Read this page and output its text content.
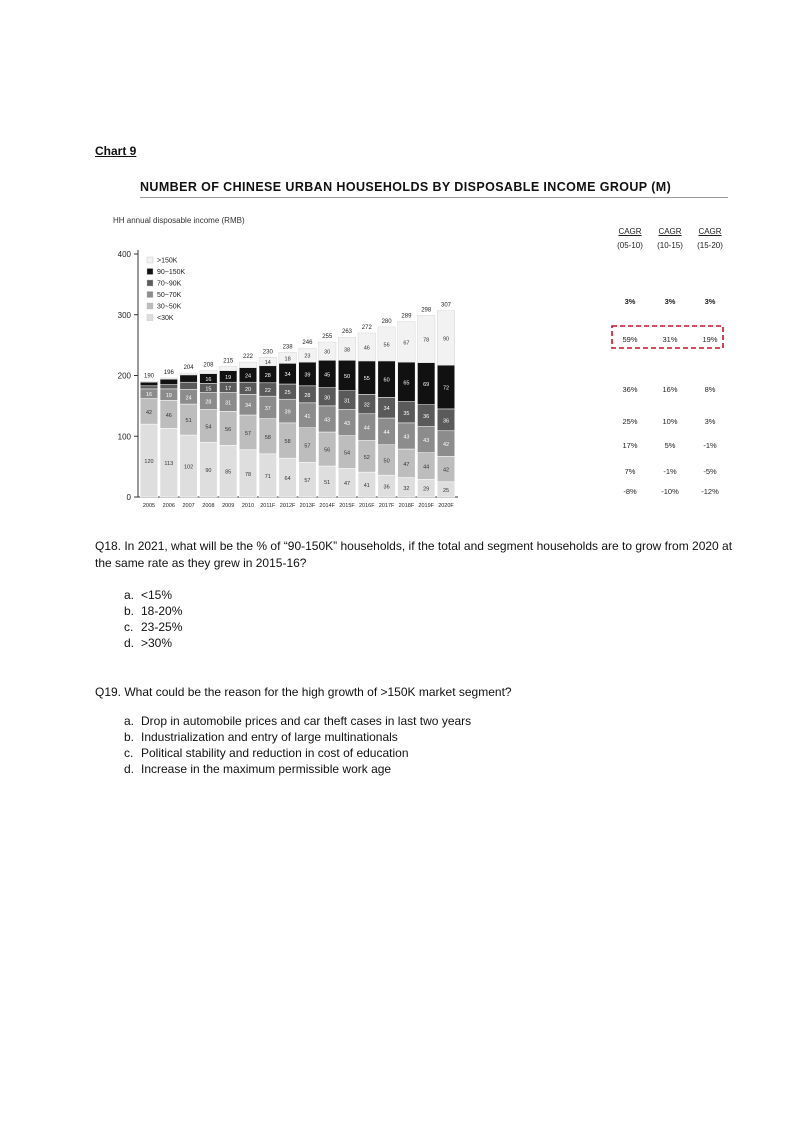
Chart 9
NUMBER OF CHINESE URBAN HOUSEHOLDS BY DISPOSABLE INCOME GROUP (M)
HH annual disposable income (RMB)
CAGR
(05-10)
CAGR
(10-15)
CAGR
(15-20)
0
100
200
300
400
120
42
16
190
2005
113
46
19
196
2006
102
51
24
204
2007
90
54
28
15
16
208
2008
85
56
31
17
19
215
2009
78
57
34
20
24
222
2010
71
58
37
22
28
14
230
2011F
64
58
39
25
34
18
238
2012F
57
57
41
28
39
23
246
2013F
51
56
43
30
45
30
255
2014F
47
54
43
31
50
38
263
2015F
41
52
44
32
55
46
272
2016F
36
50
44
34
60
56
280
2017F
32
47
43
35
65
67
289
2018F
29
44
43
36
69
78
298
2019F
25
42
42
36
72
90
307
2020F
>150K
90~150K
70~90K
50~70K
30~50K
<30K
3%	3%	3%
59%	31%	19%
36%	16%	8%
25%	10%	3%
17%	5%	-1%
7%	-1%	-5%
-8%	-10%	-12%
Q18. In 2021, what will be the % of “90-150K” households, if the total and segment households are to grow from 2020 at the same rate as they grew in 2015-16?
a. <15%
b. 18-20%
c. 23-25%
d. >30%
Q19. What could be the reason for the high growth of >150K market segment?
a. Drop in automobile prices and car theft cases in last two years
b. Industrialization and entry of large multinationals
c. Political stability and reduction in cost of education
d. Increase in the maximum permissible work age
